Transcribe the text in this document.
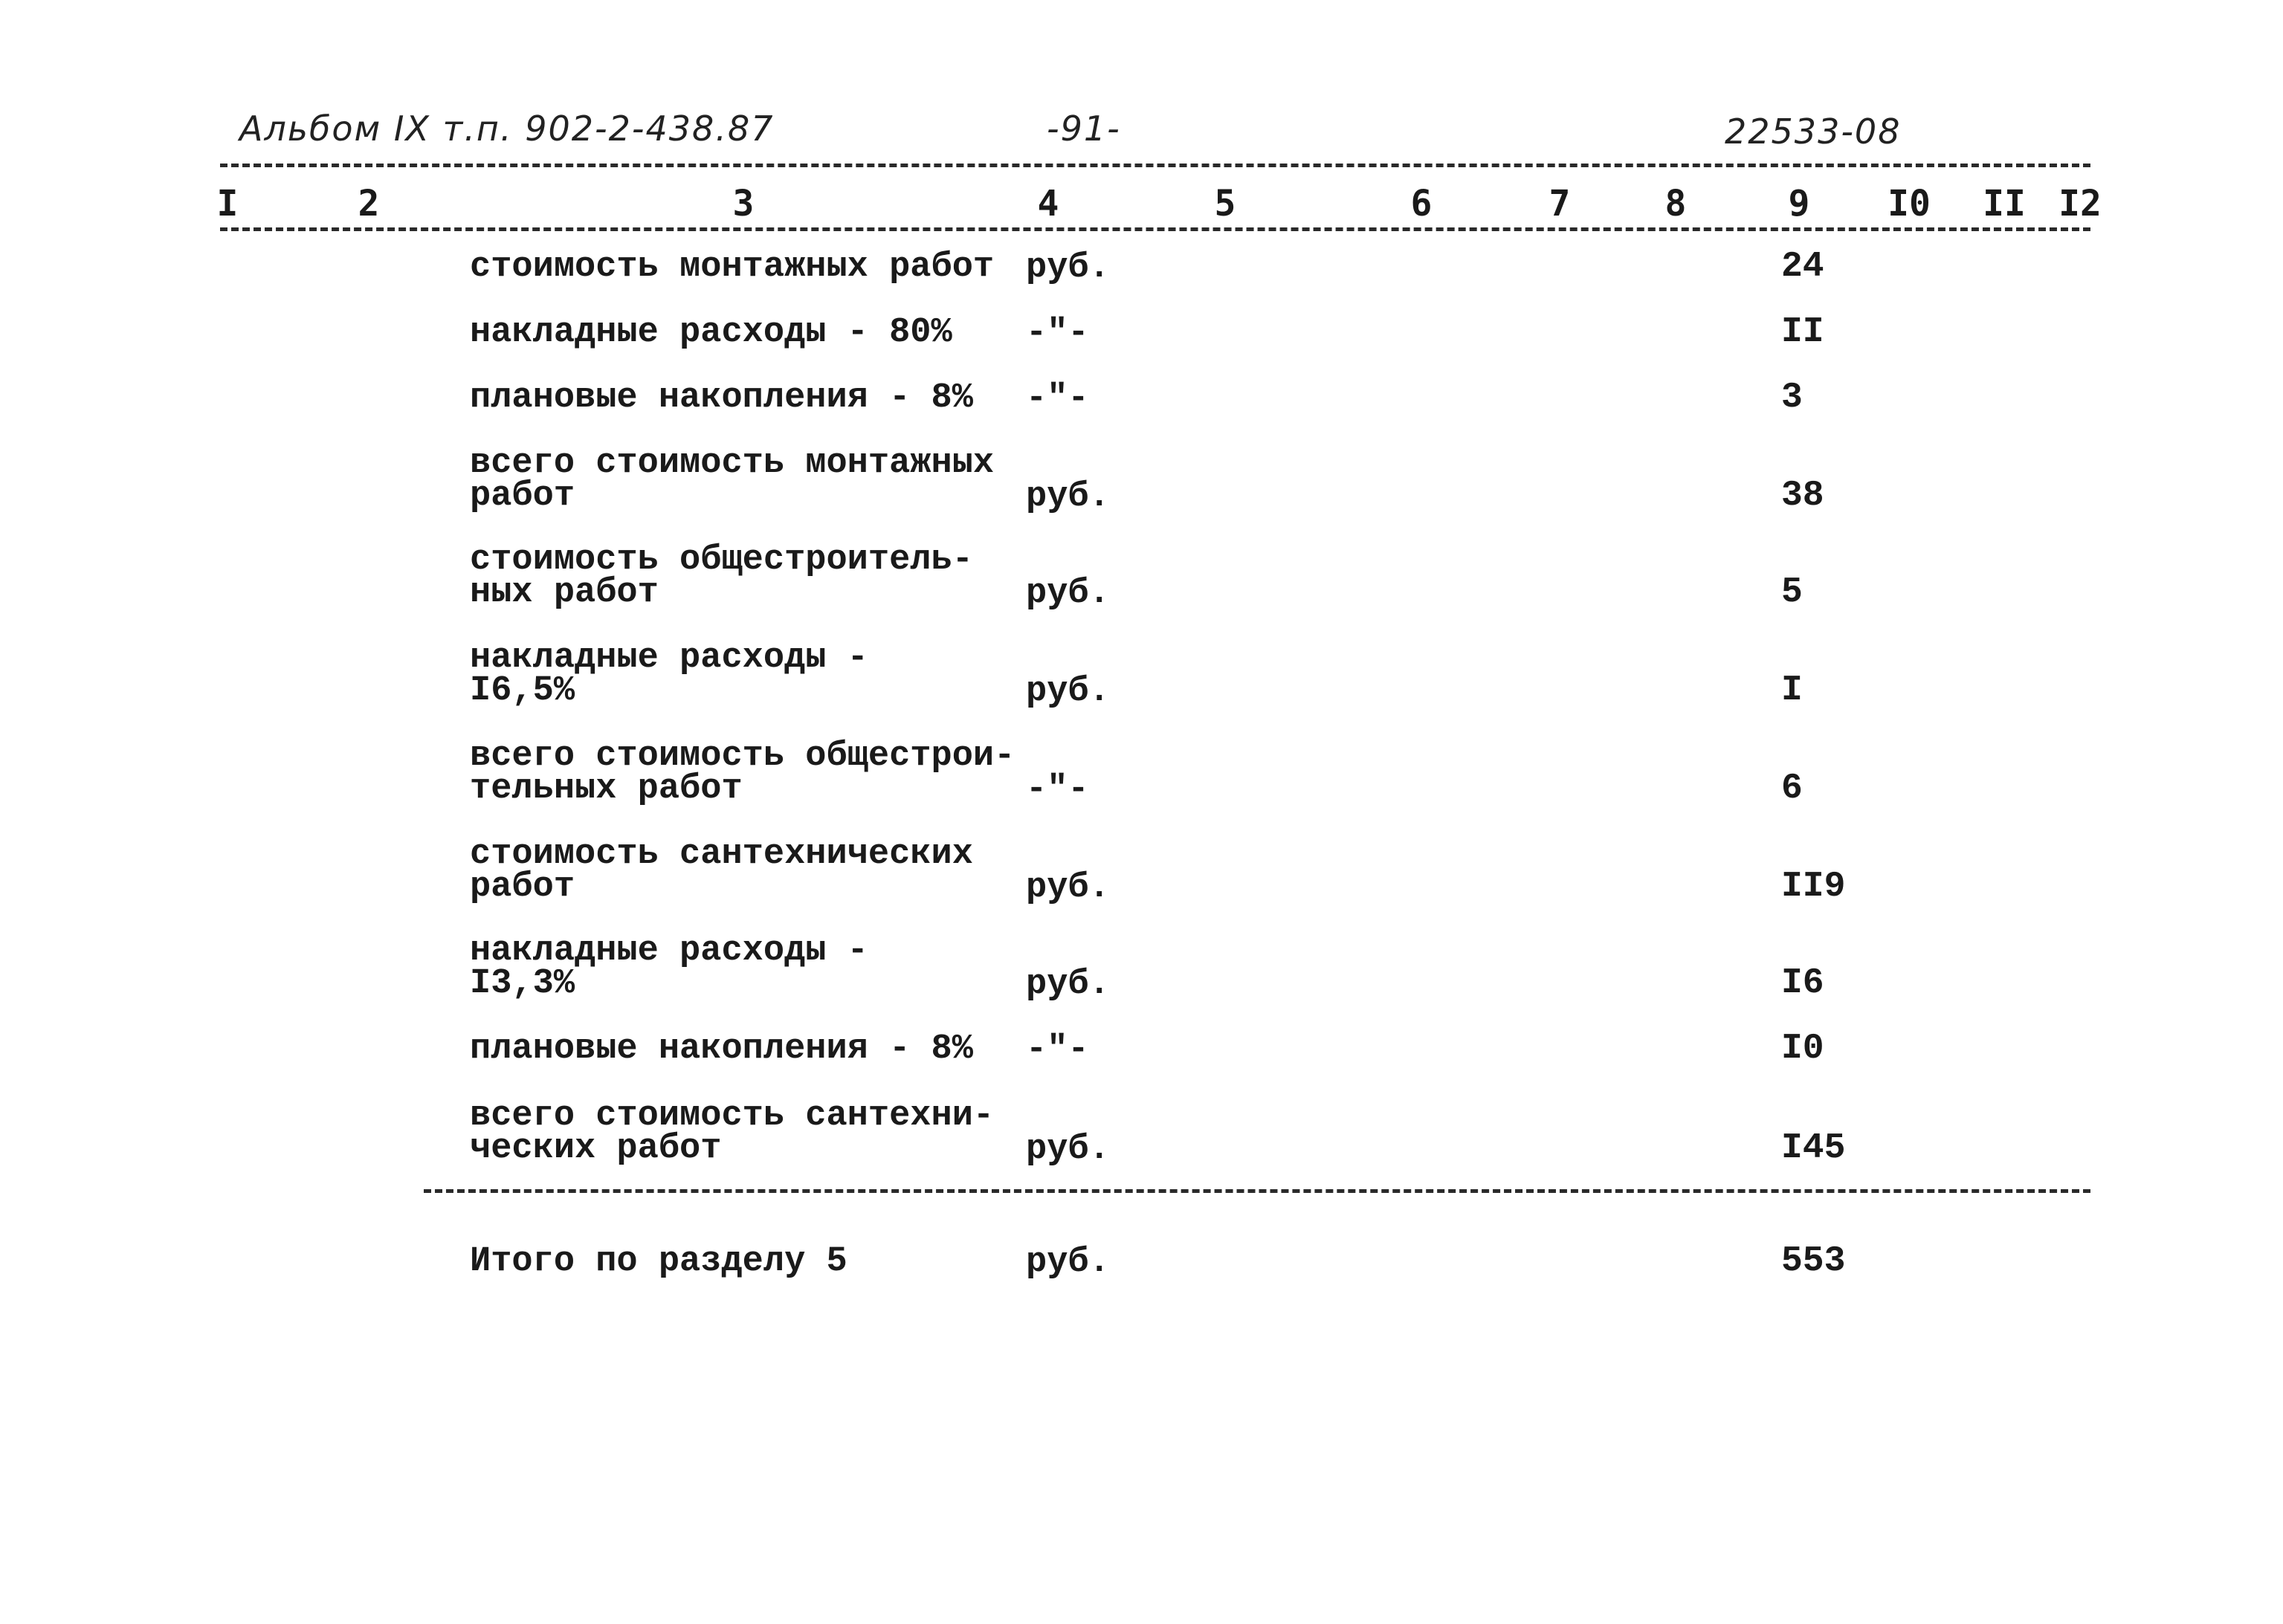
Альбом IX т.п. 902-2-438.87	-91-	22533-08
I	2	3	4	5	6	7	8	9 I0 II I2
стоимость монтажных работ руб.	24
накладные расходы - 80% -"-	II
плановые накопления - 8% -"-	3
всего стоимость монтажных
работ	руб.	38
стоимость общестроитель-
ных работ	руб.	5
накладные расходы -
I6,5%	руб.	I
всего стоимость общестрои-
тельных работ	-"-	6
стоимость сантехнических
работ	руб.	II9
накладные расходы -
I3,3%	руб.	I6
плановые накопления - 8% -"-	I0
всего стоимость сантехни-
ческих работ	руб.	I45
Итого по разделу 5	руб.	553
